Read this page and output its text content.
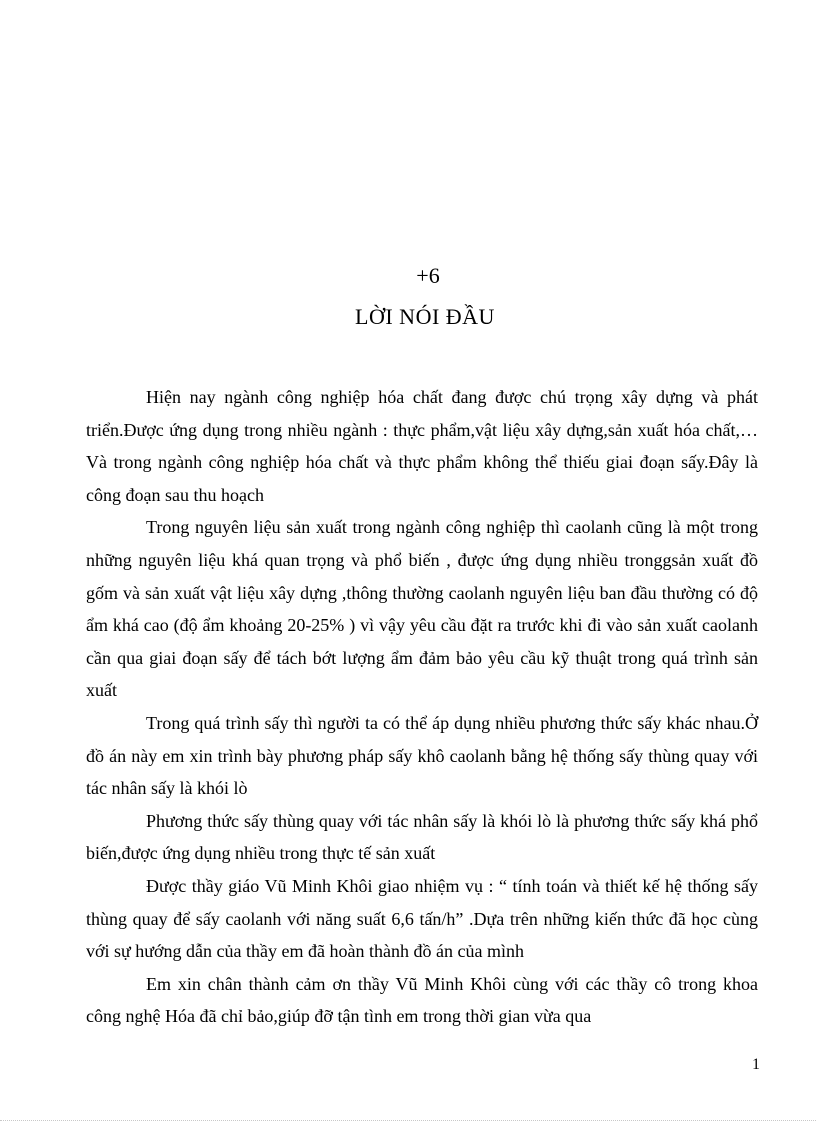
+6
LỜI NÓI ĐẦU

Hiện nay ngành công nghiệp hóa chất đang được chú trọng xây dựng và phát triển.Được ứng dụng trong nhiều ngành : thực phẩm,vật liệu xây dựng,sản xuất hóa chất,…Và trong ngành công nghiệp hóa chất và thực phẩm không thể thiếu giai đoạn sấy.Đây là công đoạn sau thu hoạch

Trong nguyên liệu sản xuất trong ngành công nghiệp thì caolanh cũng là một trong những nguyên liệu khá quan trọng và phổ biến , được ứng dụng nhiều tronggsản xuất đồ gốm và sản xuất vật liệu xây dựng ,thông thường caolanh nguyên liệu ban đầu thường có độ ẩm khá cao (độ ẩm khoảng 20-25% ) vì vậy yêu cầu đặt ra trước khi đi vào sản xuất caolanh cần qua giai đoạn sấy để tách bớt lượng ẩm đảm bảo yêu cầu kỹ thuật trong quá trình sản xuất

Trong quá trình sấy thì người ta có thể áp dụng nhiều phương thức sấy khác nhau.Ở đồ án này em xin trình bày phương pháp sấy khô caolanh bằng hệ thống sấy thùng quay với tác nhân sấy là khói lò

Phương thức sấy thùng quay với tác nhân sấy là khói lò là phương thức sấy khá phổ biến,được ứng dụng nhiều trong thực tế sản xuất

Được thầy giáo Vũ Minh Khôi giao nhiệm vụ : “ tính toán và thiết kế hệ thống sấy thùng quay để sấy caolanh với năng suất 6,6 tấn/h” .Dựa trên những kiến thức đã học cùng với sự hướng dẫn của thầy em đã hoàn thành đồ án của mình

Em xin chân thành cảm ơn thầy Vũ Minh Khôi cùng với các thầy cô trong khoa công nghệ Hóa đã chỉ bảo,giúp đỡ tận tình em trong thời gian vừa qua

1
